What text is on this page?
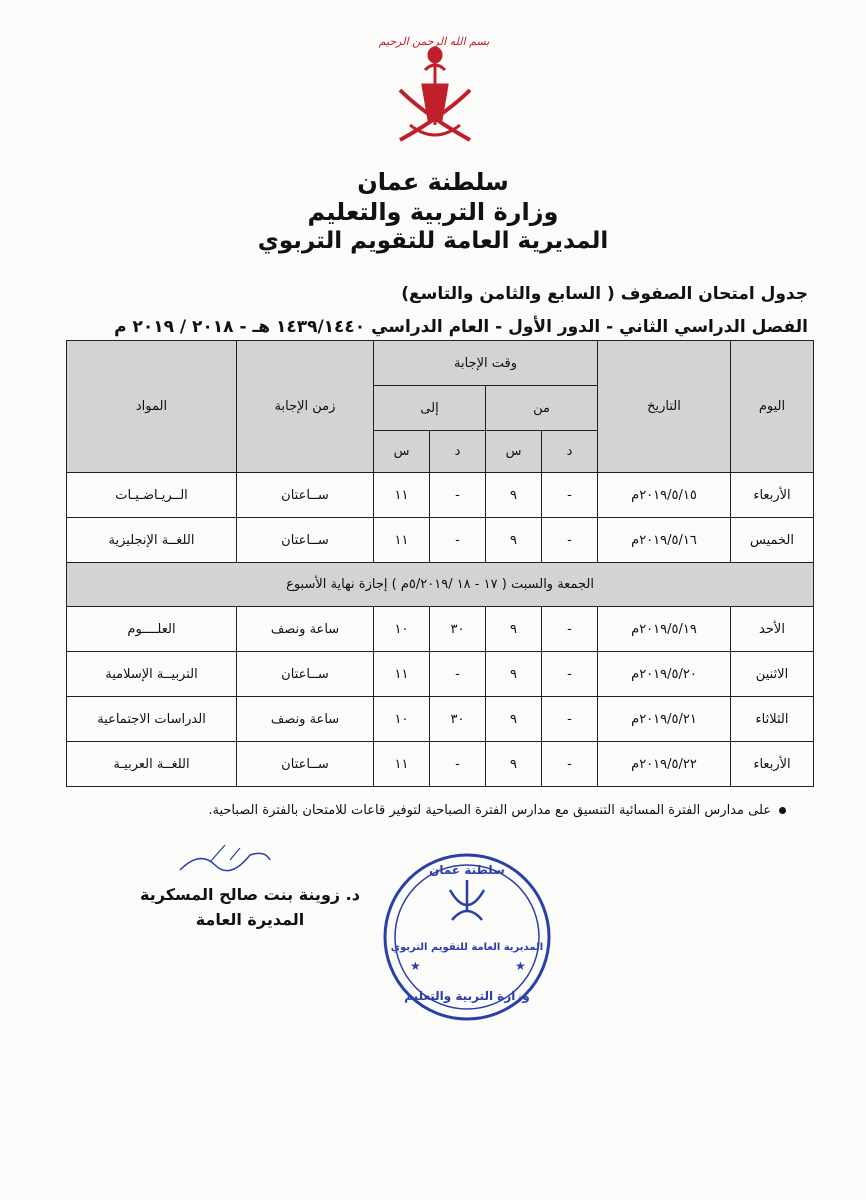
بسم الله الرحمن الرحيم
سلطنة عمان
وزارة التربية والتعليم
المديرية العامة للتقويم التربوي
جدول امتحان الصفوف ( السابع والثامن والتاسع)
الفصل الدراسي الثاني - الدور الأول - العام الدراسي ١٤٣٩/١٤٤٠ هـ - ٢٠١٨ / ٢٠١٩ م
اليوم	التاريخ	وقت الإجابة				زمن الإجابة	المواد
		من		إلى			
		د	س	د	س		
الأربعاء	٢٠١٩/٥/١٥م	-	٩	-	١١	ســاعتان	الــريـاضـيـات
الخميس	٢٠١٩/٥/١٦م	-	٩	-	١١	ســاعتان	اللغــة الإنجليزية
الجمعة والسبت ( ١٧ - ١٨ /٥/٢٠١٩م ) إجازة نهاية الأسبوع							
الأحد	٢٠١٩/٥/١٩م	-	٩	٣٠	١٠	ساعة ونصف	العلــــوم
الاثنين	٢٠١٩/٥/٢٠م	-	٩	-	١١	ســاعتان	التربيــة الإسلامية
الثلاثاء	٢٠١٩/٥/٢١م	-	٩	٣٠	١٠	ساعة ونصف	الدراسات الاجتماعية
الأربعاء	٢٠١٩/٥/٢٢م	-	٩	-	١١	ســاعتان	اللغــة العربيـة
على مدارس الفترة المسائية التنسيق مع مدارس الفترة الصباحية لتوفير قاعات للامتحان بالفترة الصباحية.
د. زوينة بنت صالح المسكرية
المديرة العامة
المديرية العامة للتقويم التربوي
وزارة التربية والتعليم
سلطنة عمان
★	★
